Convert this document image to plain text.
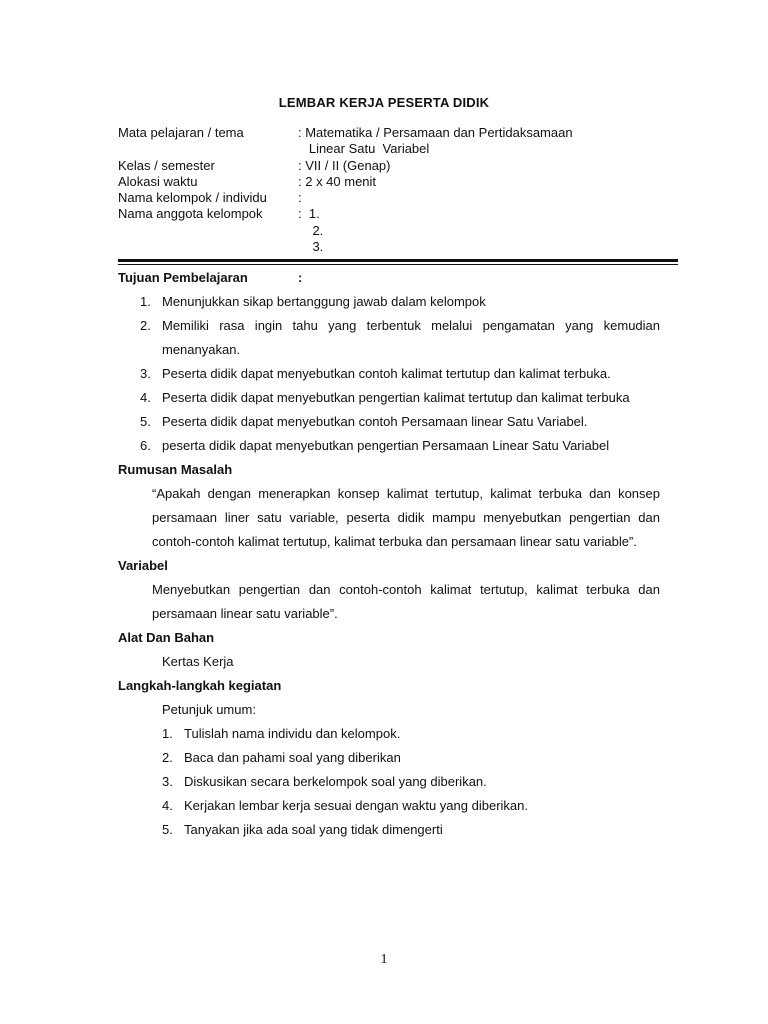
LEMBAR KERJA PESERTA DIDIK
Mata pelajaran / tema	: Matematika / Persamaan dan Pertidaksamaan
Linear Satu  Variabel
Kelas / semester	: VII / II (Genap)
Alokasi waktu	: 2 x 40 menit
Nama kelompok / individu :
Nama anggota kelompok	:  1.
2.
3.
Tujuan Pembelajaran	:
1. Menunjukkan sikap bertanggung jawab dalam kelompok
2. Memiliki rasa ingin tahu yang terbentuk melalui pengamatan yang kemudian menanyakan.
3. Peserta didik dapat menyebutkan contoh kalimat tertutup dan kalimat terbuka.
4. Peserta didik dapat menyebutkan pengertian kalimat tertutup dan kalimat terbuka
5. Peserta didik dapat menyebutkan contoh Persamaan linear Satu Variabel.
6. peserta didik dapat menyebutkan pengertian Persamaan Linear Satu Variabel
Rumusan Masalah
“Apakah dengan menerapkan konsep kalimat tertutup, kalimat terbuka dan konsep persamaan liner satu variable, peserta didik mampu menyebutkan pengertian dan contoh-contoh kalimat tertutup, kalimat terbuka dan persamaan linear satu variable”.
Variabel
Menyebutkan pengertian dan contoh-contoh kalimat tertutup, kalimat terbuka dan persamaan linear satu variable”.
Alat Dan Bahan
Kertas Kerja
Langkah-langkah kegiatan
Petunjuk umum:
1. Tulislah nama individu dan kelompok.
2. Baca dan pahami soal yang diberikan
3. Diskusikan secara berkelompok soal yang diberikan.
4. Kerjakan lembar kerja sesuai dengan waktu yang diberikan.
5. Tanyakan jika ada soal yang tidak dimengerti
1
